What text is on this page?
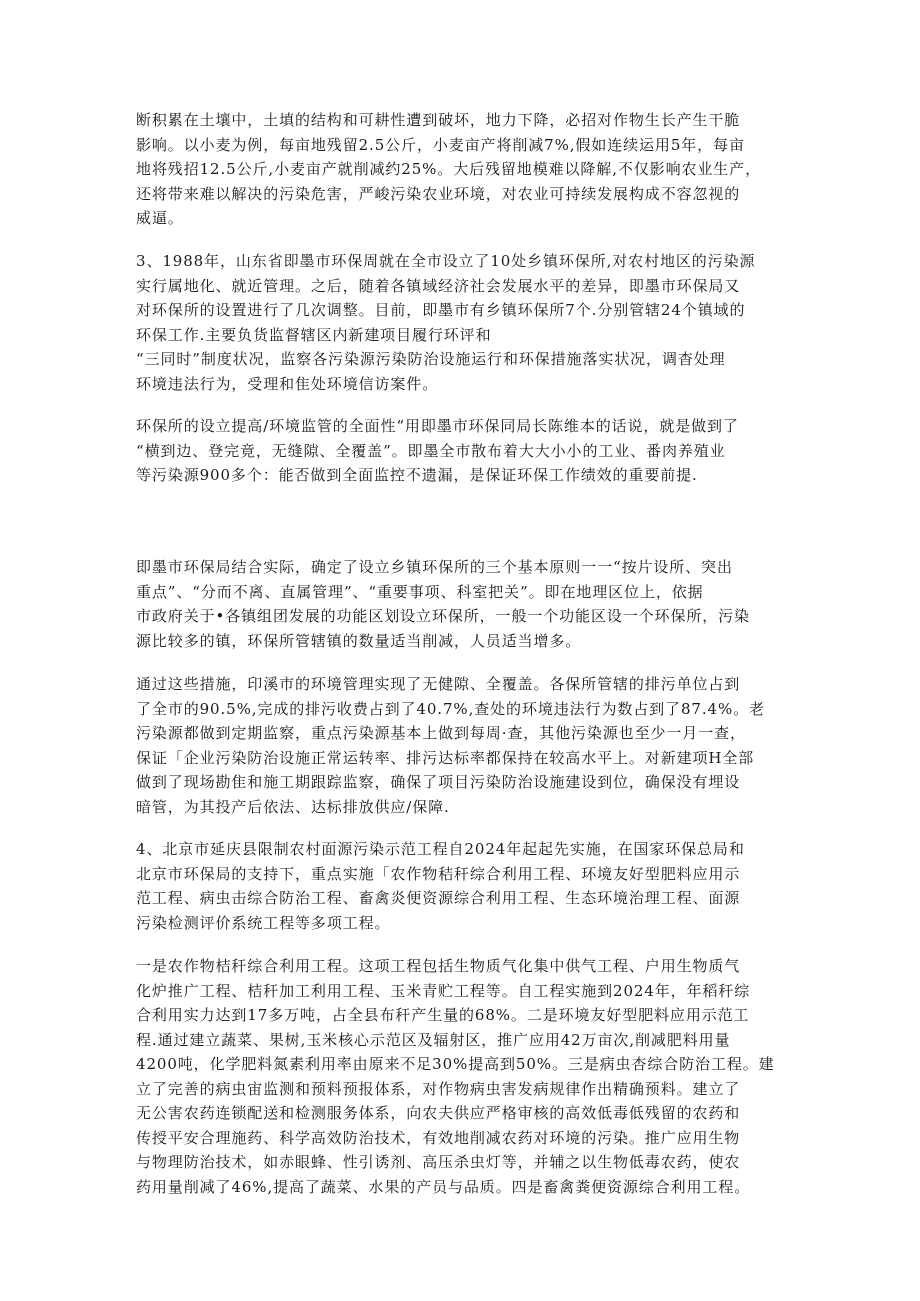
断积累在土壤中，土填的结构和可耕性遭到破坏，地力下降，必招对作物生长产生干脆
影响。以小麦为例，每亩地残留2.5公斤，小麦亩产将削减7%,假如连续运用5年，每亩
地将残招12.5公斤,小麦亩产就削减约25%。大后残留地模难以降解,不仅影响农业生产，
还将带来难以解决的污染危害，严峻污染农业环境，对农业可持续发展构成不容忽视的
威逼。
3、1988年，山东省即墨市环保周就在全市设立了10处乡镇环保所,对农村地区的污染源
实行属地化、就近管理。之后，随着各镇域经济社会发展水平的差异，即墨市环保局又
对环保所的设置进行了几次调整。目前，即墨市有乡镇环保所7个.分别管辖24个镇域的
环保工作.主要负货监督辖区内新建项目履行环评和
“三同时”制度状况，监察各污染源污染防治设施运行和环保措施落实状况，调杳处理
环境违法行为，受理和隹处环境信访案件。
环保所的设立提高/环境监管的全面性“用即墨市环保同局长陈维本的话说，就是做到了
“横到边、登完竟，无缝隙、全覆盖”。即墨全市散布着大大小小的工业、番肉养殖业
等污染源900多个：能否做到全面监控不遗漏，是保证环保工作绩效的重要前提.
即墨市环保局结合实际，确定了设立乡镇环保所的三个基本原则一一“按片设所、突出
重点”、“分而不离、直属管理”、“重要事项、科室把关”。即在地理区位上，依据
市政府关于•各镇组团发展的功能区划设立环保所，一般一个功能区设一个环保所，污染
源比较多的镇，环保所管辖镇的数量适当削减，人员适当增多。
通过这些措施，印溪市的环境管理实现了无健隙、全覆盖。各保所管辖的排污单位占到
了全市的90.5%,完成的排污收费占到了40.7%,查处的环境违法行为数占到了87.4%。老
污染源都做到定期监察，重点污染源基本上做到每周·查，其他污染源也至少一月一查，
保证「企业污染防治设施正常运转率、排污达标率都保持在较高水平上。对新建项H全部
做到了现场勘隹和施工期跟踪监察，确保了项目污染防治设施建设到位，确保没有埋设
暗管，为其投产后依法、达标排放供应/保障.
4、北京市延庆县限制农村面源污染示范工程自2024年起起先实施，在国家环保总局和
北京市环保局的支持下，重点实施「农作物秸秆综合利用工程、环境友好型肥料应用示
范工程、病虫击综合防治工程、畜禽炎便资源综合利用工程、生态环境治理工程、面源
污染检测评价系统工程等多项工程。
一是农作物桔秆综合利用工程。这项工程包括生物质气化集中供气工程、户用生物质气
化炉推广工程、桔秆加工利用工程、玉米青贮工程等。自工程实施到2024年，年稻秆综
合利用实力达到17多万吨，占全县布秆产生量的68%。二是环境友好型肥料应用示范工
程.通过建立蔬菜、果树,玉米核心示范区及辐射区，推广应用42万亩次,削减肥料用量
4200吨，化学肥料氮素利用率由原来不足30%提高到50%。三是病虫杏综合防治工程。建
立了完善的病虫宙监测和预料预报体系，对作物病虫害发病规律作出精确预料。建立了
无公害农药连锁配送和检测服务体系，向农夫供应严格审核的高效低毒低残留的农药和
传授平安合理施药、科学高效防治技术，有效地削减农药对环境的污染。推广应用生物
与物理防治技术，如赤眼蜂、性引诱剂、高压杀虫灯等，并辅之以生物低毒农药，使农
药用量削减了46%,提高了蔬菜、水果的产员与品质。四是畜禽粪便资源综合利用工程。
